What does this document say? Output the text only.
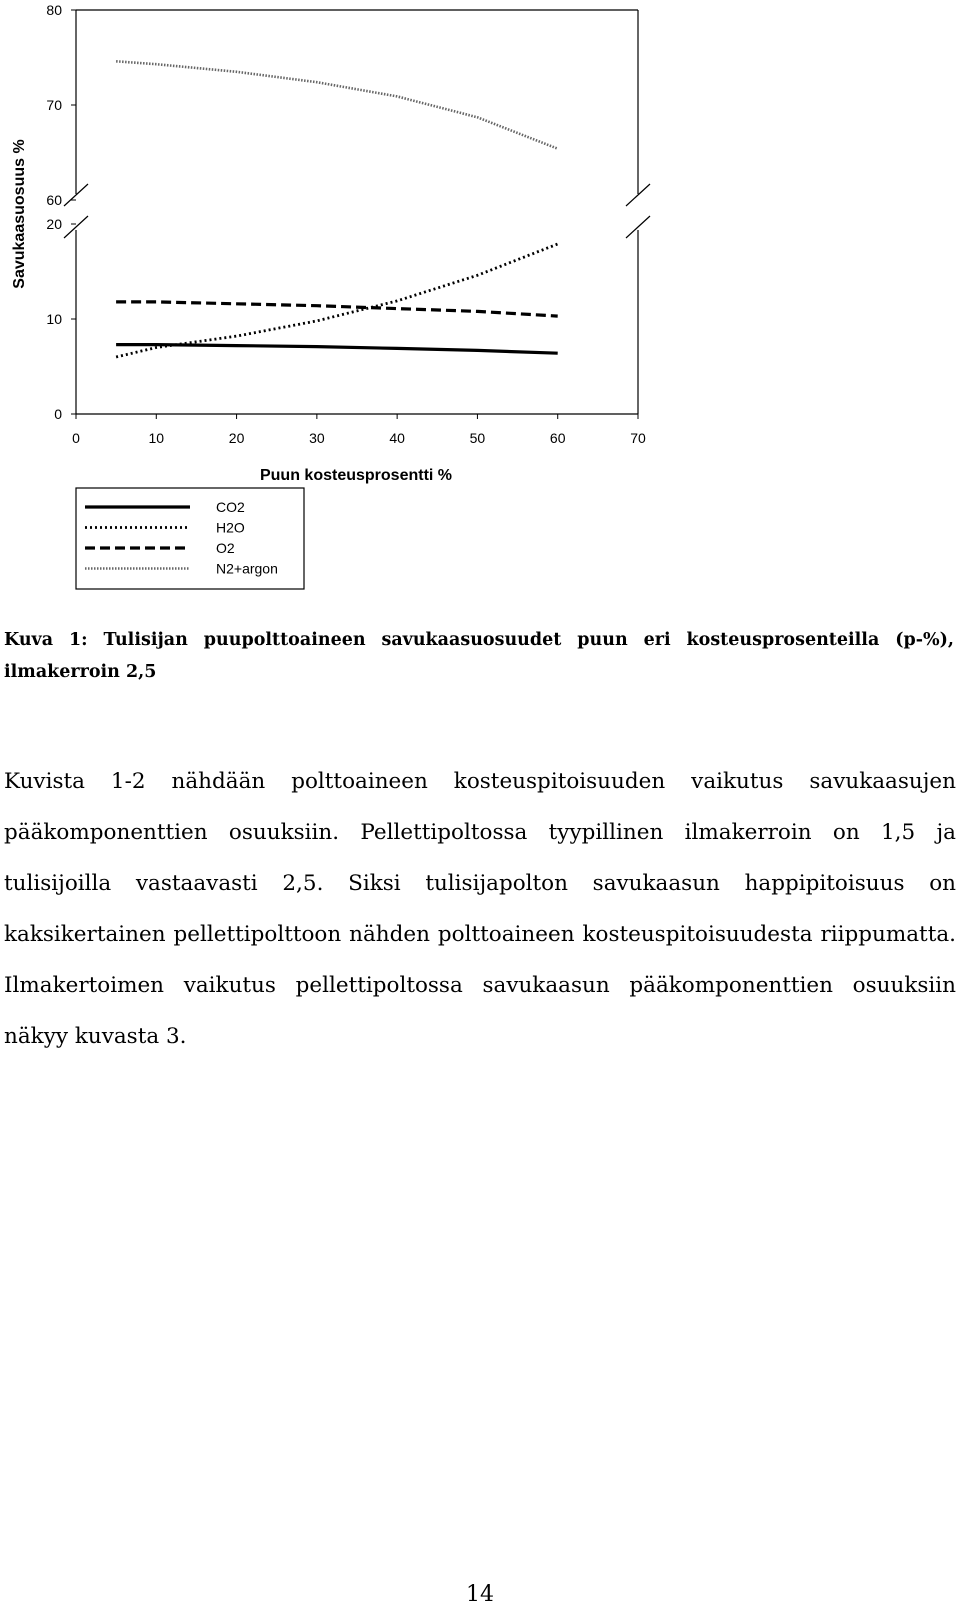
0	10	20	30	40	50	60	70
0
10
20
60
70
80
Savukaasuosuus %
Puun kosteusprosentti %
CO2
H2O
O2
N2+argon
Kuva 1: Tulisijan puupolttoaineen savukaasuosuudet puun eri kosteusprosenteilla (p-%), ilmakerroin 2,5
Kuvista 1-2 nähdään polttoaineen kosteuspitoisuuden vaikutus savukaasujen pääkomponenttien osuuksiin. Pellettipoltossa tyypillinen ilmakerroin on 1,5 ja tulisijoilla vastaavasti 2,5. Siksi tulisijapolton savukaasun happipitoisuus on kaksikertainen pellettipolttoon nähden polttoaineen kosteuspitoisuudesta riippumatta. Ilmakertoimen vaikutus pellettipoltossa savukaasun pääkomponenttien osuuksiin näkyy kuvasta 3.
14
